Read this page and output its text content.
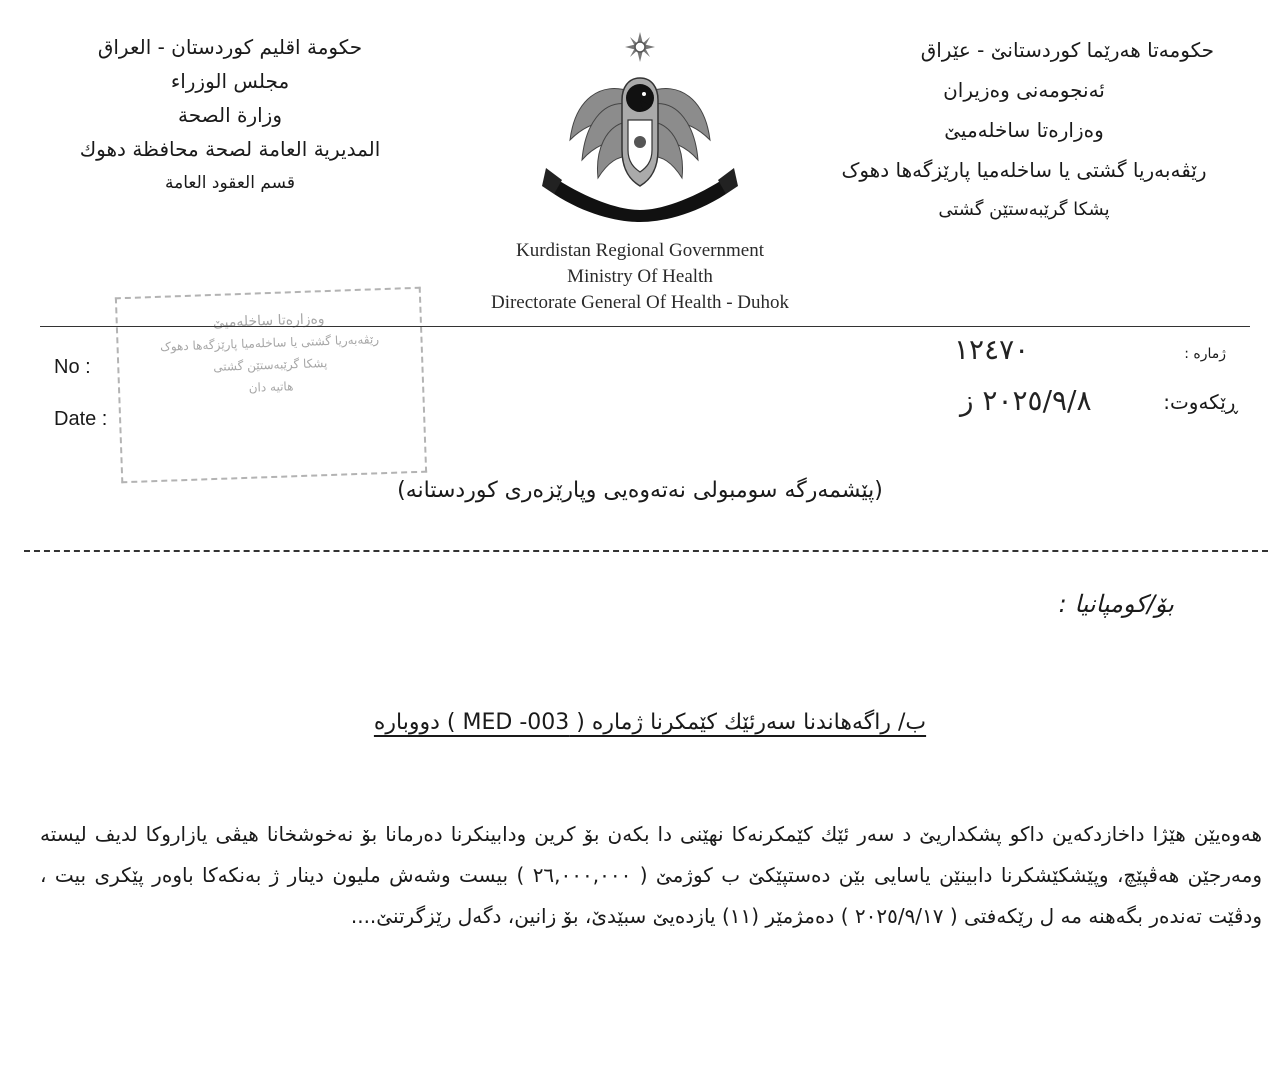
حكومة اقليم كوردستان - العراق
مجلس الوزراء
وزارة الصحة
المديرية العامة لصحة محافظة دهوك
قسم العقود العامة
حكومەتا هەرێما کوردستانێ - عێراق
ئەنجومەنی وەزیران
وەزارەتا ساخلەمیێ
رێڤەبەریا گشتی یا ساخلەمیا پارێزگەها دهوک
پشکا گرێبەستێن گشتی
Kurdistan Regional Government
Ministry Of Health
Directorate General Of Health - Duhok
وەزارەتا ساخلەمیێ
رێڤەبەریا گشتی یا ساخلەمیا پارێزگەها دهوک
پشکا گرێبەستێن گشتی
هاتیە دان
No :
Date :
ژمارە :
١٢٤٧٠
ڕێکەوت:
٢٠٢٥/٩/٨ ز
(پێشمەرگە سومبولی نەتەوەیی وپارێزەری کوردستانە)
بۆ/کومپانیا :
ب/ راگەهاندنا سەرئێك کێمکرنا ژمارە ( MED -003 ) دووبارە
هەوەیێن هێژا داخازدکەین داکو پشکداریێ د سەر ئێك کێمکرنەکا نهێنی دا بکەن بۆ کرین ودابینکرنا دەرمانا بۆ نەخوشخانا هیڤی یازاروکا لدیف لیستە ومەرجێن هەڤپێچ، وپێشکێشکرنا دابینێن یاسایی بێن دەستپێکێ ب کوژمێ ( ٢٦,٠٠٠,٠٠٠ ) بیست وشەش ملیون دینار ژ بەنکەکا باوەر پێکری بیت ، ودڤێت تەندەر بگەهنە مە ل رێکەفتی ( ٢٠٢٥/٩/١٧ ) دەمژمێر (١١) یازدەیێ سبێدێ، بۆ زانین، دگەل رێزگرتنێ....
